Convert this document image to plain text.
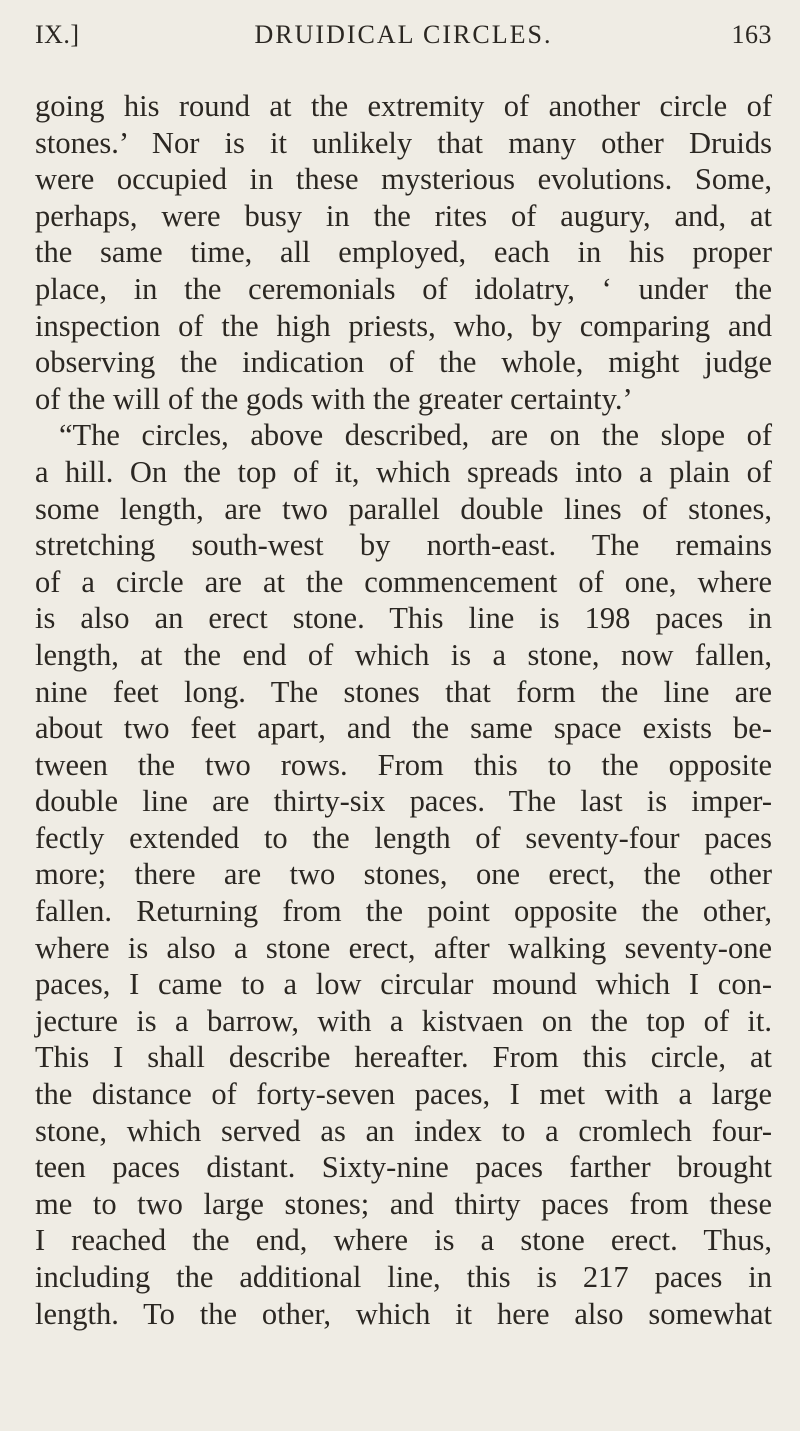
IX.]	DRUIDICAL CIRCLES.	163
going his round at the extremity of another circle of
stones.’ Nor is it unlikely that many other Druids
were occupied in these mysterious evolutions. Some,
perhaps, were busy in the rites of augury, and, at
the same time, all employed, each in his proper
place, in the ceremonials of idolatry, ‘ under the
inspection of the high priests, who, by comparing and
observing the indication of the whole, might judge
of the will of the gods with the greater certainty.’
“The circles, above described, are on the slope of
a hill. On the top of it, which spreads into a plain of
some length, are two parallel double lines of stones,
stretching south-west by north-east. The remains
of a circle are at the commencement of one, where
is also an erect stone. This line is 198 paces in
length, at the end of which is a stone, now fallen,
nine feet long. The stones that form the line are
about two feet apart, and the same space exists be-
tween the two rows. From this to the opposite
double line are thirty-six paces. The last is imper-
fectly extended to the length of seventy-four paces
more; there are two stones, one erect, the other
fallen. Returning from the point opposite the other,
where is also a stone erect, after walking seventy-one
paces, I came to a low circular mound which I con-
jecture is a barrow, with a kistvaen on the top of it.
This I shall describe hereafter. From this circle, at
the distance of forty-seven paces, I met with a large
stone, which served as an index to a cromlech four-
teen paces distant. Sixty-nine paces farther brought
me to two large stones; and thirty paces from these
I reached the end, where is a stone erect. Thus,
including the additional line, this is 217 paces in
length. To the other, which it here also somewhat
